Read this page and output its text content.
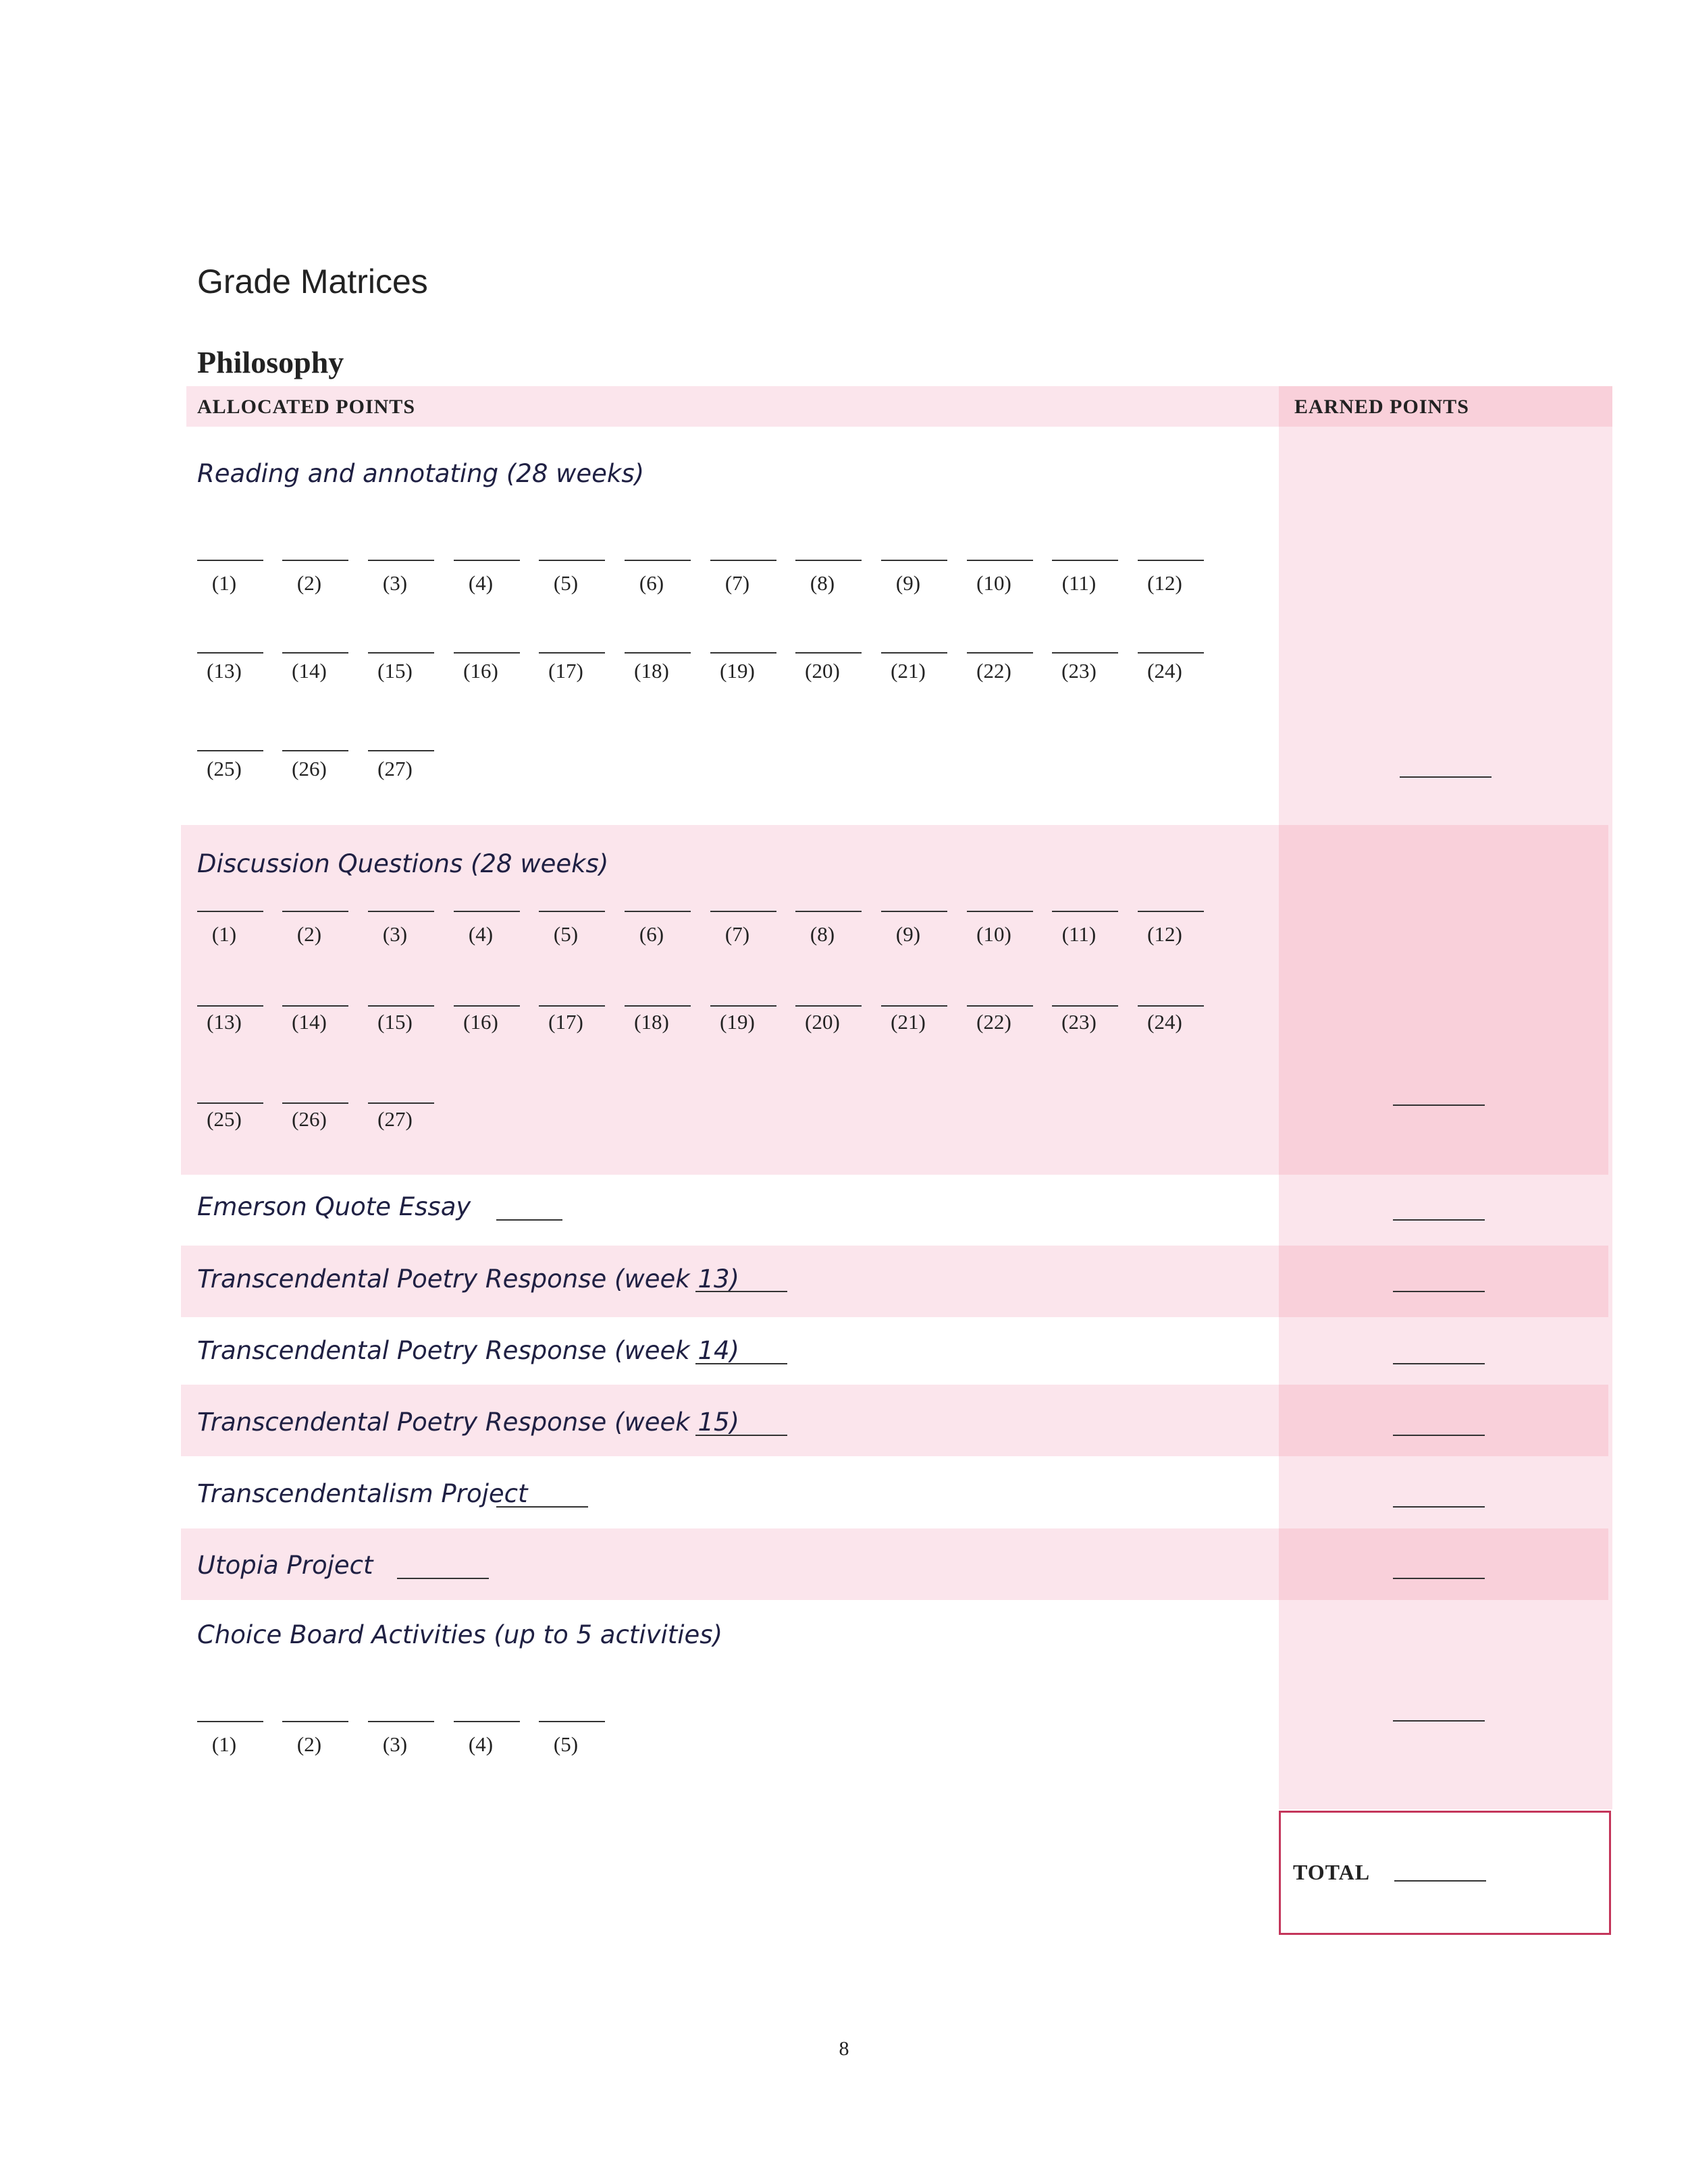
Grade Matrices
Philosophy
ALLOCATED POINTS	EARNED POINTS
Reading and annotating (28 weeks)
(1)	(2)	(3)	(4)	(5)	(6)	(7)	(8)	(9)	(10)	(11)	(12)
(13)	(14)	(15)	(16)	(17)	(18)	(19)	(20)	(21)	(22)	(23)	(24)
(25)	(26)	(27)
Discussion Questions (28 weeks)
(1)	(2)	(3)	(4)	(5)	(6)	(7)	(8)	(9)	(10)	(11)	(12)
(13)	(14)	(15)	(16)	(17)	(18)	(19)	(20)	(21)	(22)	(23)	(24)
(25)	(26)	(27)
Emerson Quote Essay
Transcendental Poetry Response (week 13)
Transcendental Poetry Response (week 14)
Transcendental Poetry Response (week 15)
Transcendentalism Project
Utopia Project
Choice Board Activities (up to 5 activities)
(1)	(2)	(3)	(4)	(5)
TOTAL
8
